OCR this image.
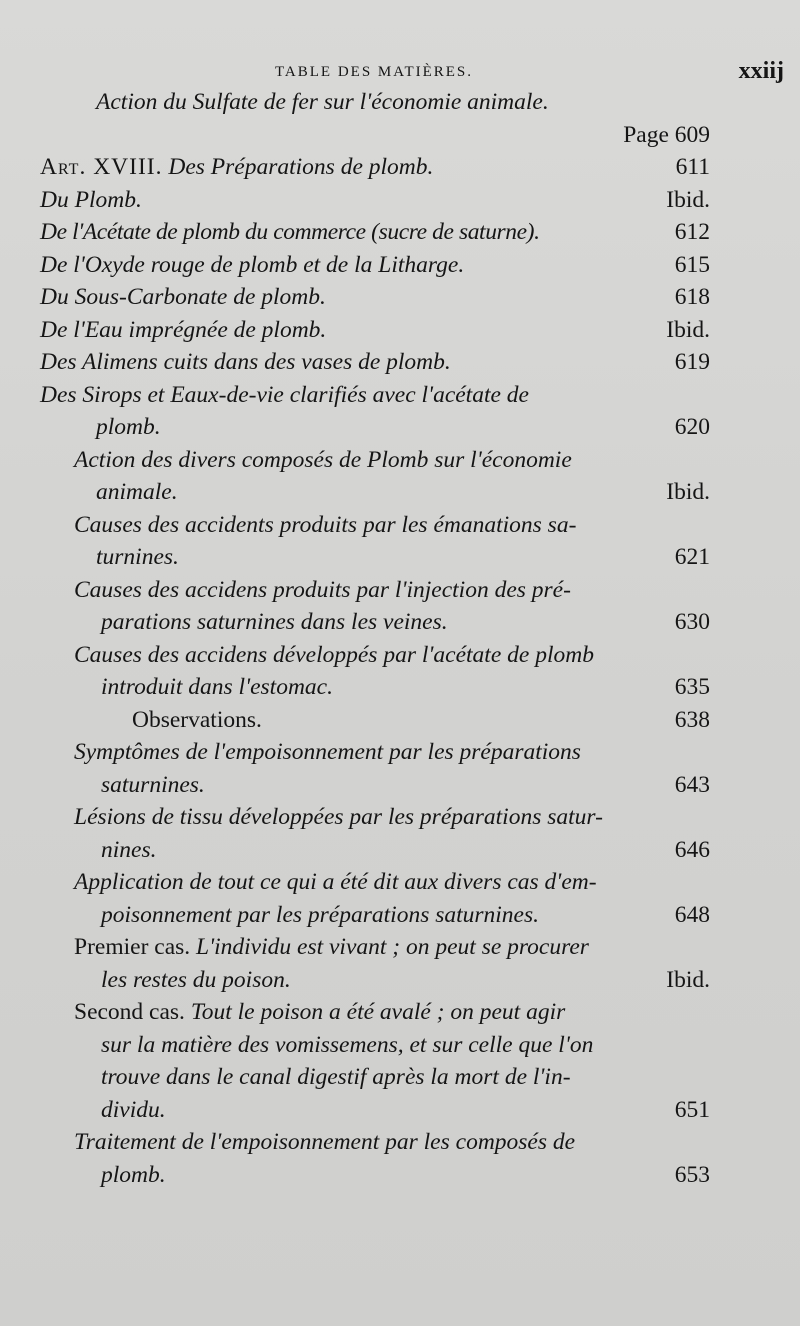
TABLE DES MATIÈRES.	xxiij
Action du Sulfate de fer sur l'économie animale.
Page 609
Art. XVIII. Des Préparations de plomb.	611
Du Plomb.	Ibid.
De l'Acétate de plomb du commerce (sucre de saturne).	612
De l'Oxyde rouge de plomb et de la Litharge.	615
Du Sous-Carbonate de plomb.	618
De l'Eau imprégnée de plomb.	Ibid.
Des Alimens cuits dans des vases de plomb.	619
Des Sirops et Eaux-de-vie clarifiés avec l'acétate de
plomb.	620
Action des divers composés de Plomb sur l'économie
animale.	Ibid.
Causes des accidents produits par les émanations sa-
turnines.	621
Causes des accidens produits par l'injection des pré-
parations saturnines dans les veines.	630
Causes des accidens développés par l'acétate de plomb
introduit dans l'estomac.	635
Observations.	638
Symptômes de l'empoisonnement par les préparations
saturnines.	643
Lésions de tissu développées par les préparations satur-
nines.	646
Application de tout ce qui a été dit aux divers cas d'em-
poisonnement par les préparations saturnines.	648
Premier cas. L'individu est vivant ; on peut se procurer
les restes du poison.	Ibid.
Second cas. Tout le poison a été avalé ; on peut agir
sur la matière des vomissemens, et sur celle que l'on
trouve dans le canal digestif après la mort de l'in-
dividu.	651
Traitement de l'empoisonnement par les composés de
plomb.	653
